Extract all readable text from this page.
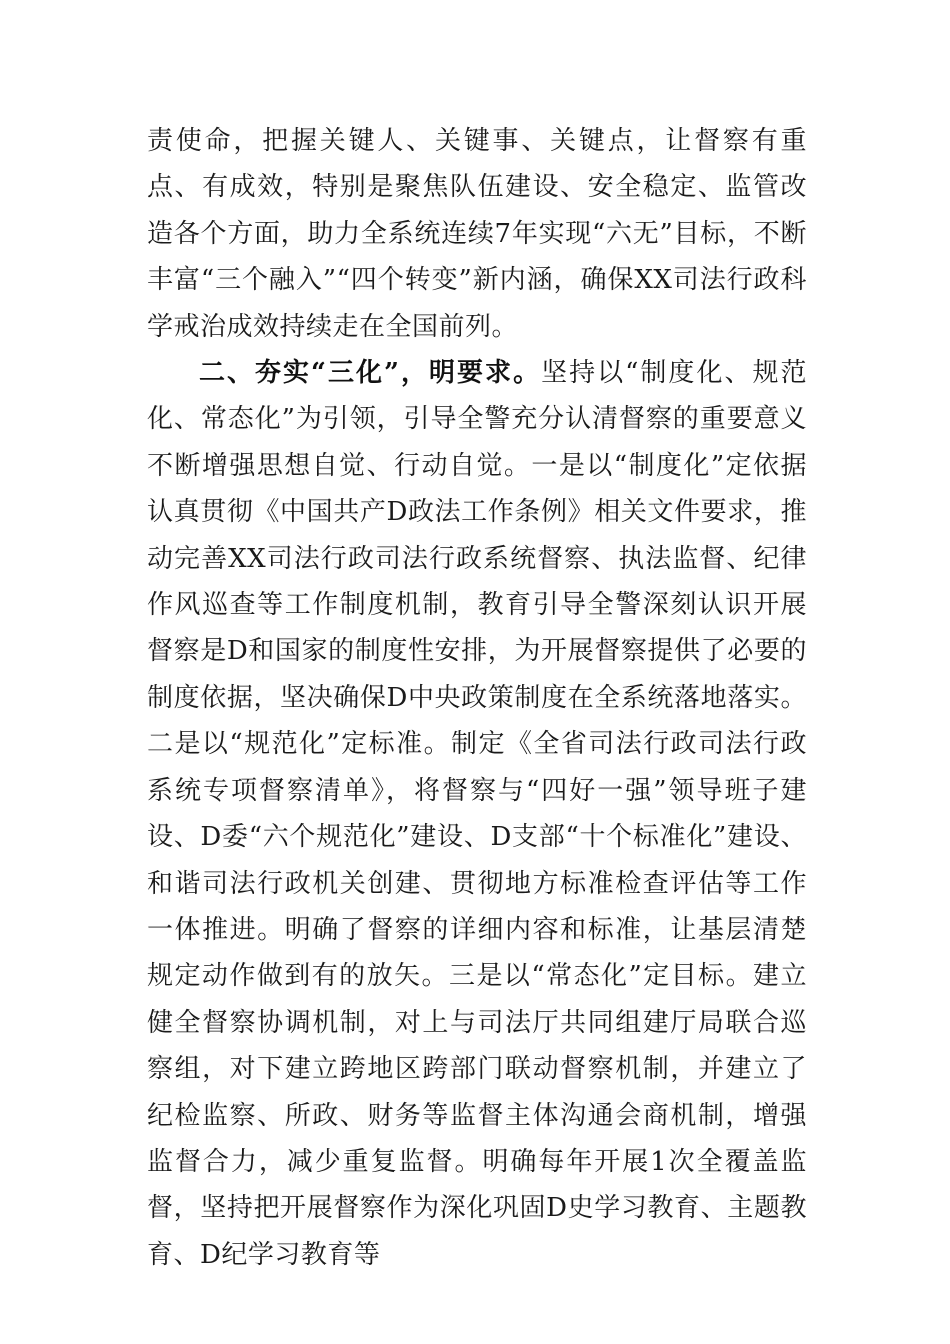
责使命，把握关键人、关键事、关键点，让督察有重点、有成效，特别是聚焦队伍建设、安全稳定、监管改造各个方面，助力全系统连续7年实现“六无”目标，不断丰富“三个融入”“四个转变”新内涵，确保XX司法行政科学戒治成效持续走在全国前列。

二、夯实“三化”，明要求。坚持以“制度化、规范化、常态化”为引领，引导全警充分认清督察的重要意义不断增强思想自觉、行动自觉。一是以“制度化”定依据认真贯彻《中国共产D政法工作条例》相关文件要求，推动完善XX司法行政司法行政系统督察、执法监督、纪律作风巡查等工作制度机制，教育引导全警深刻认识开展督察是D和国家的制度性安排，为开展督察提供了必要的制度依据，坚决确保D中央政策制度在全系统落地落实。二是以“规范化”定标准。制定《全省司法行政司法行政系统专项督察清单》，将督察与“四好一强”领导班子建设、D委“六个规范化”建设、D支部“十个标准化”建设、和谐司法行政机关创建、贯彻地方标准检查评估等工作一体推进。明确了督察的详细内容和标准，让基层清楚规定动作做到有的放矢。三是以“常态化”定目标。建立健全督察协调机制，对上与司法厅共同组建厅局联合巡察组，对下建立跨地区跨部门联动督察机制，并建立了纪检监察、所政、财务等监督主体沟通会商机制，增强监督合力，减少重复监督。明确每年开展1次全覆盖监督，坚持把开展督察作为深化巩固D史学习教育、主题教育、D纪学习教育等
